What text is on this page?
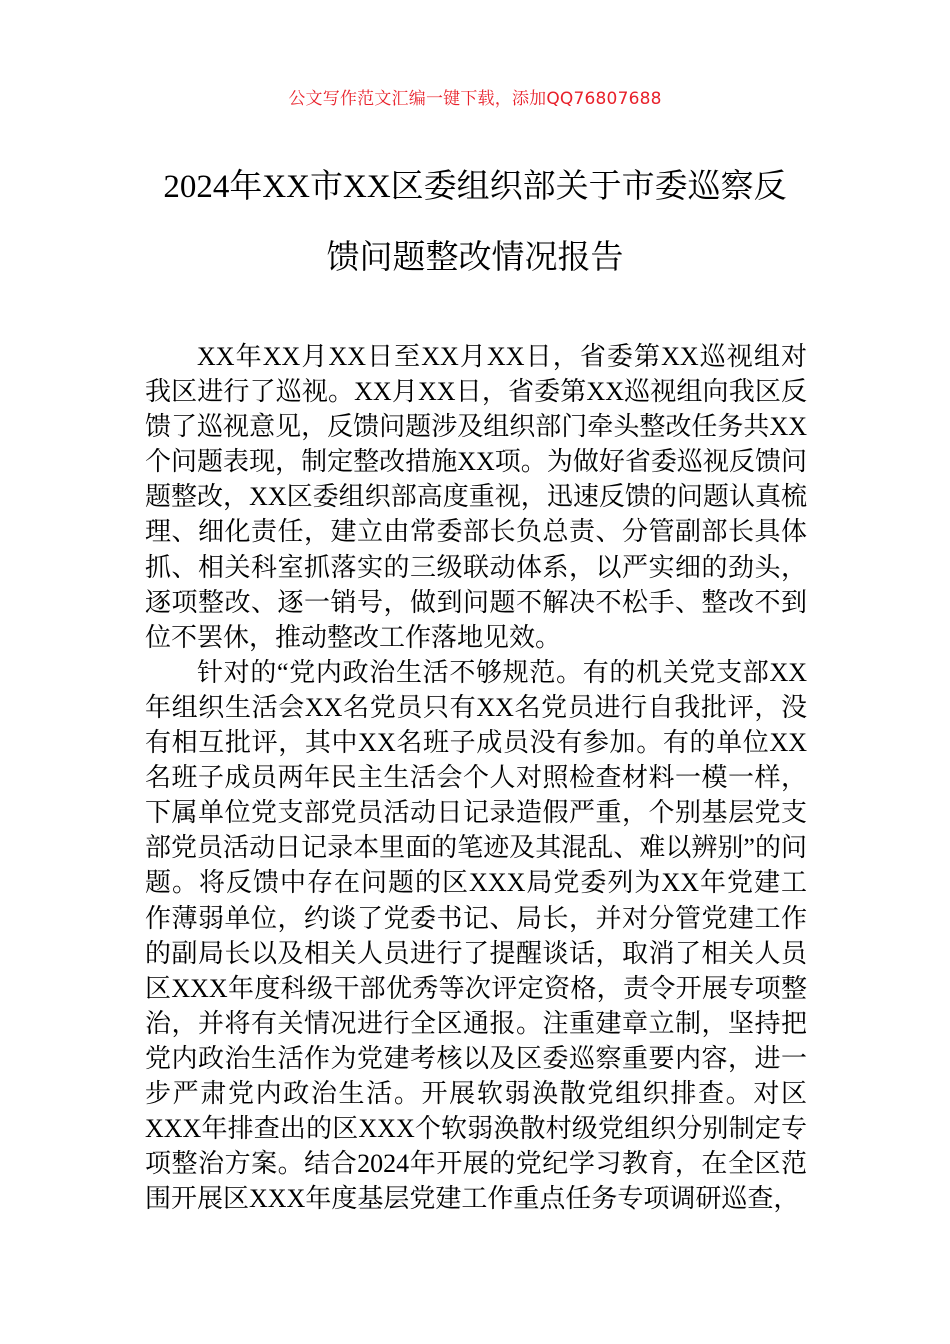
公文写作范文汇编一键下载，添加QQ76807688
2024年XX市XX区委组织部关于市委巡察反馈问题整改情况报告

XX年XX月XX日至XX月XX日，省委第XX巡视组对我区进行了巡视。XX月XX日，省委第XX巡视组向我区反馈了巡视意见，反馈问题涉及组织部门牵头整改任务共XX个问题表现，制定整改措施XX项。为做好省委巡视反馈问题整改，XX区委组织部高度重视，迅速反馈的问题认真梳理、细化责任，建立由常委部长负总责、分管副部长具体抓、相关科室抓落实的三级联动体系，以严实细的劲头，逐项整改、逐一销号，做到问题不解决不松手、整改不到位不罢休，推动整改工作落地见效。

针对的“党内政治生活不够规范。有的机关党支部XX年组织生活会XX名党员只有XX名党员进行自我批评，没有相互批评，其中XX名班子成员没有参加。有的单位XX名班子成员两年民主生活会个人对照检查材料一模一样，下属单位党支部党员活动日记录造假严重，个别基层党支部党员活动日记录本里面的笔迹及其混乱、难以辨别”的问题。将反馈中存在问题的区XXX局党委列为XX年党建工作薄弱单位，约谈了党委书记、局长，并对分管党建工作的副局长以及相关人员进行了提醒谈话，取消了相关人员区XXX年度科级干部优秀等次评定资格，责令开展专项整治，并将有关情况进行全区通报。注重建章立制，坚持把党内政治生活作为党建考核以及区委巡察重要内容，进一步严肃党内政治生活。开展软弱涣散党组织排查。对区XXX年排查出的区XXX个软弱涣散村级党组织分别制定专项整治方案。结合2024年开展的党纪学习教育，在全区范围开展区XXX年度基层党建工作重点任务专项调研巡查，
